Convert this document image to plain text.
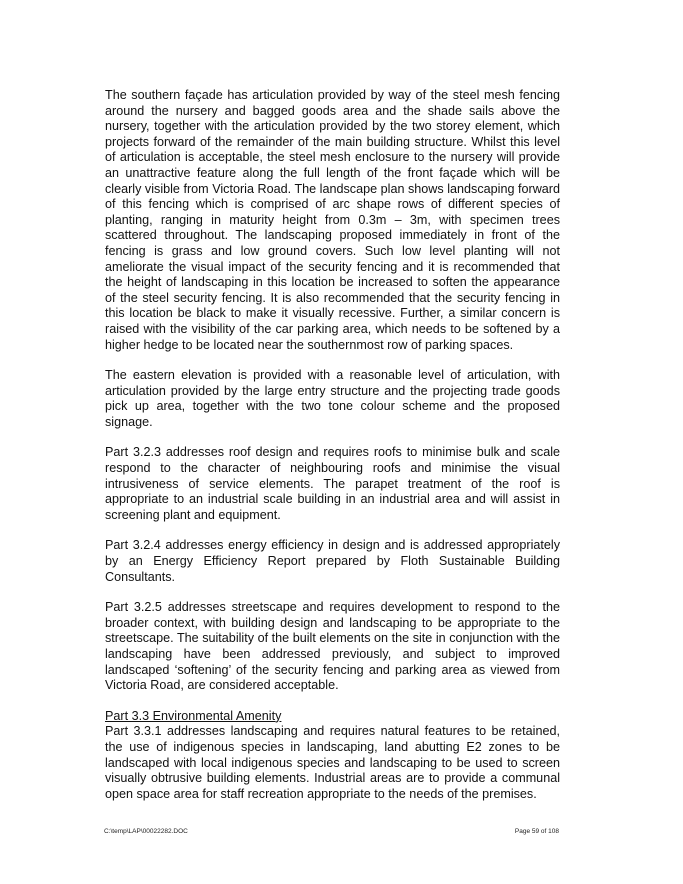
The southern façade has articulation provided by way of the steel mesh fencing around the nursery and bagged goods area and the shade sails above the nursery, together with the articulation provided by the two storey element, which projects forward of the remainder of the main building structure. Whilst this level of articulation is acceptable, the steel mesh enclosure to the nursery will provide an unattractive feature along the full length of the front façade which will be clearly visible from Victoria Road. The landscape plan shows landscaping forward of this fencing which is comprised of arc shape rows of different species of planting, ranging in maturity height from 0.3m – 3m, with specimen trees scattered throughout. The landscaping proposed immediately in front of the fencing is grass and low ground covers. Such low level planting will not ameliorate the visual impact of the security fencing and it is recommended that the height of landscaping in this location be increased to soften the appearance of the steel security fencing. It is also recommended that the security fencing in this location be black to make it visually recessive. Further, a similar concern is raised with the visibility of the car parking area, which needs to be softened by a higher hedge to be located near the southernmost row of parking spaces.

The eastern elevation is provided with a reasonable level of articulation, with articulation provided by the large entry structure and the projecting trade goods pick up area, together with the two tone colour scheme and the proposed signage.

Part 3.2.3 addresses roof design and requires roofs to minimise bulk and scale respond to the character of neighbouring roofs and minimise the visual intrusiveness of service elements. The parapet treatment of the roof is appropriate to an industrial scale building in an industrial area and will assist in screening plant and equipment.

Part 3.2.4 addresses energy efficiency in design and is addressed appropriately by an Energy Efficiency Report prepared by Floth Sustainable Building Consultants.

Part 3.2.5 addresses streetscape and requires development to respond to the broader context, with building design and landscaping to be appropriate to the streetscape. The suitability of the built elements on the site in conjunction with the landscaping have been addressed previously, and subject to improved landscaped ‘softening’ of the security fencing and parking area as viewed from Victoria Road, are considered acceptable.

Part 3.3 Environmental Amenity

Part 3.3.1 addresses landscaping and requires natural features to be retained, the use of indigenous species in landscaping, land abutting E2 zones to be landscaped with local indigenous species and landscaping to be used to screen visually obtrusive building elements. Industrial areas are to provide a communal open space area for staff recreation appropriate to the needs of the premises.

C:\temp\LAP\00022282.DOC	Page 59 of 108
